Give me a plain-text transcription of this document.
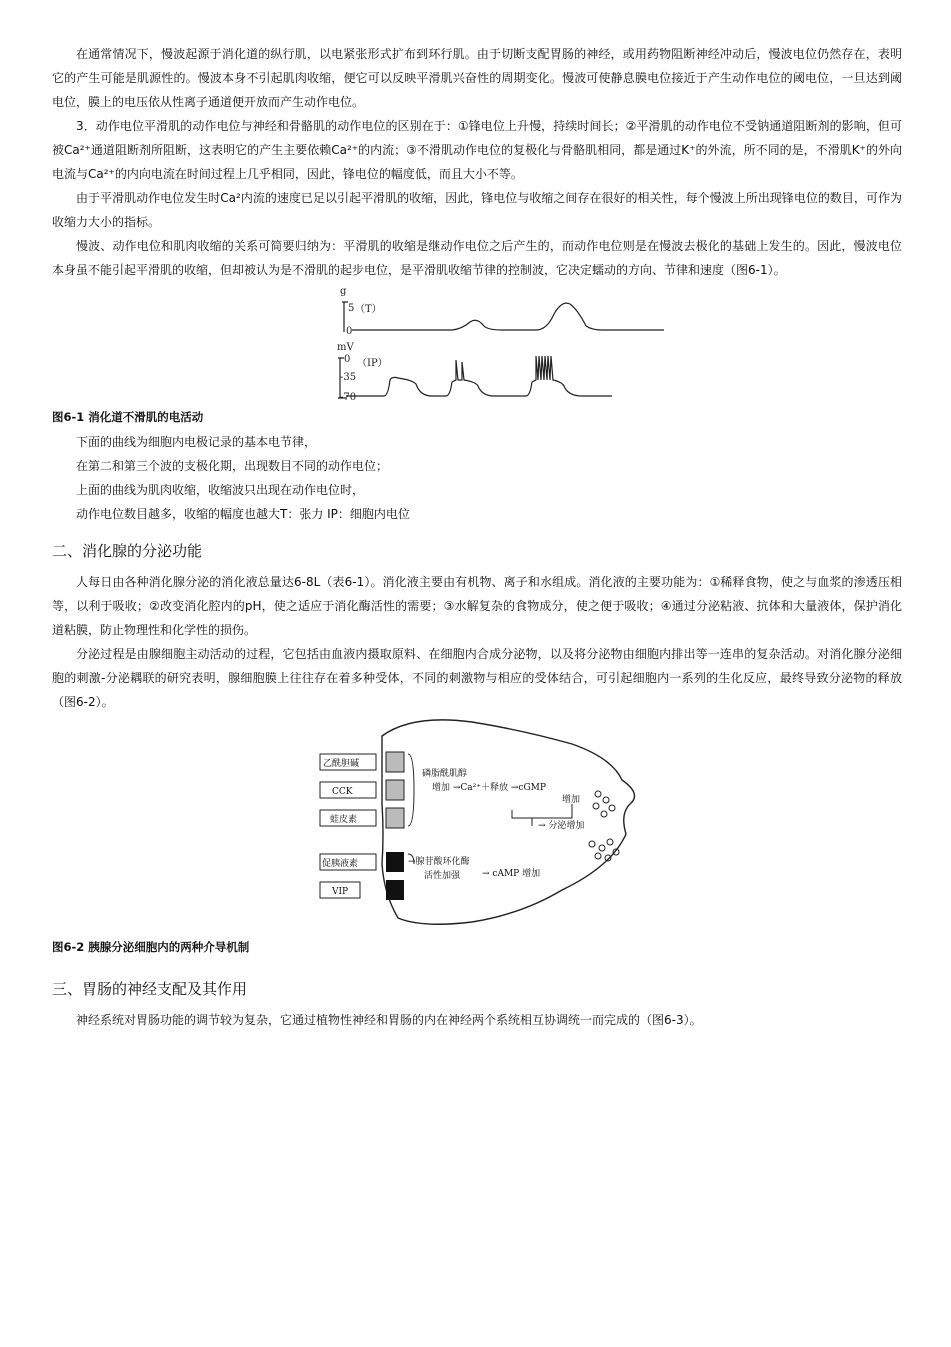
在通常情况下，慢波起源于消化道的纵行肌，以电紧张形式扩布到环行肌。由于切断支配胃肠的神经，或用药物阻断神经冲动后，慢波电位仍然存在，表明它的产生可能是肌源性的。慢波本身不引起肌肉收缩，便它可以反映平滑肌兴奋性的周期变化。慢波可使静息膜电位接近于产生动作电位的阈电位，一旦达到阈电位，膜上的电压依从性离子通道便开放而产生动作电位。

3．动作电位平滑肌的动作电位与神经和骨骼肌的动作电位的区别在于：①锋电位上升慢，持续时间长；②平滑肌的动作电位不受钠通道阻断剂的影响，但可被Ca²⁺通道阻断剂所阻断，这表明它的产生主要依赖Ca²⁺的内流；③不滑肌动作电位的复极化与骨骼肌相同，都是通过K⁺的外流，所不同的是，不滑肌K⁺的外向电流与Ca²⁺的内向电流在时间过程上几乎相同，因此，锋电位的幅度低，而且大小不等。

由于平滑肌动作电位发生时Ca²内流的速度已足以引起平滑肌的收缩，因此，锋电位与收缩之间存在很好的相关性，每个慢波上所出现锋电位的数目，可作为收缩力大小的指标。

慢波、动作电位和肌肉收缩的关系可简要归纳为：平滑肌的收缩是继动作电位之后产生的，而动作电位则是在慢波去极化的基础上发生的。因此，慢波电位本身虽不能引起平滑肌的收缩，但却被认为是不滑肌的起步电位，是平滑肌收缩节律的控制波，它决定蠕动的方向、节律和速度（图6-1）。

g
5 （T）
0
mV
0 （IP）
-35
-70
图6-1 消化道不滑肌的电活动

下面的曲线为细胞内电极记录的基本电节律，

在第二和第三个波的支极化期，出现数目不同的动作电位；

上面的曲线为肌肉收缩，收缩波只出现在动作电位时，

动作电位数目越多，收缩的幅度也越大T：张力 IP：细胞内电位

二、消化腺的分泌功能

人每日由各种消化腺分泌的消化液总量达6-8L（表6-1）。消化液主要由有机物、离子和水组成。消化液的主要功能为：①稀释食物，使之与血浆的渗透压相等，以利于吸收；②改变消化腔内的pH，使之适应于消化酶活性的需要；③水解复杂的食物成分，使之便于吸收；④通过分泌粘液、抗体和大量液体，保护消化道粘膜，防止物理性和化学性的损伤。

分泌过程是由腺细胞主动活动的过程，它包括由血液内摄取原料、在细胞内合成分泌物，以及将分泌物由细胞内排出等一连串的复杂活动。对消化腺分泌细胞的刺激-分泌耦联的研究表明，腺细胞膜上往往存在着多种受体，不同的刺激物与相应的受体结合，可引起细胞内一系列的生化反应，最终导致分泌物的释放（图6-2）。

乙酰胆碱
CCK
蛙皮素
促胰液素
VIP
磷脂酰肌醇
增加 →Ca²⁺＋释放 →cGMP
增加
→ 分泌增加
→腺苷酸环化酶
活性加强 → cAMP 增加
图6-2 胰腺分泌细胞内的两种介导机制
三、胃肠的神经支配及其作用

神经系统对胃肠功能的调节较为复杂，它通过植物性神经和胃肠的内在神经两个系统相互协调统一而完成的（图6-3）。
